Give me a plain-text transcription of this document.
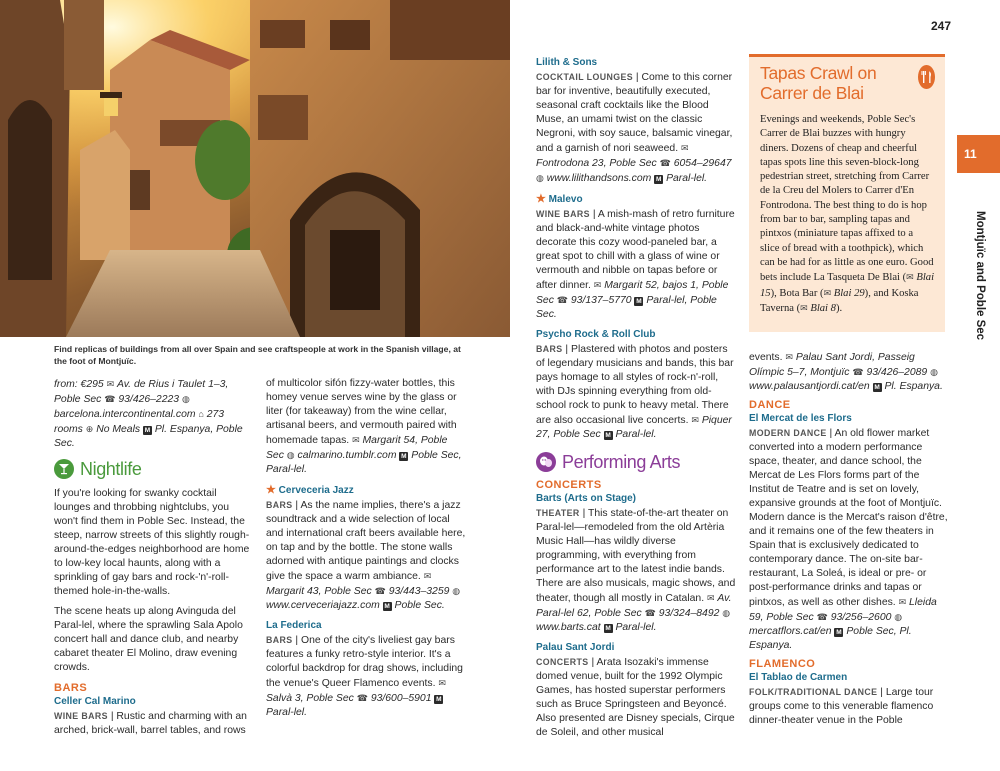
Find replicas of buildings from all over Spain and see craftspeople at work in the Spanish village, at the foot of Montjuïc.
247
11
Montjuïc and Poble Sec

from: €295 ✉ Av. de Rius i Taulet 1–3, Poble Sec ☎ 93/426–2223 ◍ barcelona.intercontinental.com ⌂ 273 rooms ⊕ No Meals M Pl. Espanya, Poble Sec.

Nightlife

If you're looking for swanky cocktail lounges and throbbing nightclubs, you won't find them in Poble Sec. Instead, the steep, narrow streets of this slightly rough-around-the-edges neighborhood are home to low-key local haunts, along with a sprinkling of gay bars and rock-'n'-roll-themed hole-in-the-walls.

The scene heats up along Avinguda del Paral-lel, where the sprawling Sala Apolo concert hall and dance club, and nearby cabaret theater El Molino, draw evening crowds.

BARS
Celler Cal Marino

WINE BARS | Rustic and charming with an arched, brick-wall, barrel tables, and rows

of multicolor sifón fizzy-water bottles, this homey venue serves wine by the glass or liter (for takeaway) from the wine cellar, artisanal beers, and vermouth paired with homemade tapas. ✉ Margarit 54, Poble Sec ◍ calmarino.tumblr.com M Poble Sec, Paral-lel.

★ Cerveceria Jazz

BARS | As the name implies, there's a jazz soundtrack and a wide selection of local and international craft beers available here, on tap and by the bottle. The stone walls adorned with antique paintings and clocks give the space a warm ambiance. ✉ Margarit 43, Poble Sec ☎ 93/443–3259 ◍ www.cerveceriajazz.com M Poble Sec.

La Federica

BARS | One of the city's liveliest gay bars features a funky retro-style interior. It's a colorful backdrop for drag shows, including the venue's Queer Flamenco events. ✉ Salvà 3, Poble Sec ☎ 93/600–5901 M Paral-lel.

Lilith & Sons

COCKTAIL LOUNGES | Come to this corner bar for inventive, beautifully executed, seasonal craft cocktails like the Blood Muse, an umami twist on the classic Negroni, with soy sauce, balsamic vinegar, and a garnish of nori seaweed. ✉ Fontrodona 23, Poble Sec ☎ 6054–29647 ◍ www.lilithandsons.com M Paral-lel.

★ Malevo

WINE BARS | A mish-mash of retro furniture and black-and-white vintage photos decorate this cozy wood-paneled bar, a great spot to chill with a glass of wine or vermouth and nibble on tapas before or after dinner. ✉ Margarit 52, bajos 1, Poble Sec ☎ 93/137–5770 M Paral-lel, Poble Sec.

Psycho Rock & Roll Club

BARS | Plastered with photos and posters of legendary musicians and bands, this bar pays homage to all styles of rock-n'-roll, with DJs spinning everything from old-school rock to punk to heavy metal. There are also occasional live concerts. ✉ Piquer 27, Poble Sec M Paral-lel.

Performing Arts
CONCERTS
Barts (Arts on Stage)

THEATER | This state-of-the-art theater on Paral-lel—remodeled from the old Artèria Music Hall—has wildly diverse programming, with everything from performance art to the latest indie bands. There are also musicals, magic shows, and theater, though all mostly in Catalan. ✉ Av. Paral-lel 62, Poble Sec ☎ 93/324–8492 ◍ www.barts.cat M Paral-lel.

Palau Sant Jordi

CONCERTS | Arata Isozaki's immense domed venue, built for the 1992 Olympic Games, has hosted superstar performers such as Bruce Springsteen and Beyoncé. Also presented are Disney specials, Cirque de Soleil, and other musical

Tapas Crawl on Carrer de Blai

Evenings and weekends, Poble Sec's Carrer de Blai buzzes with hungry diners. Dozens of cheap and cheerful tapas spots line this seven-block-long pedestrian street, stretching from Carrer de la Creu del Molers to Carrer d'En Fontrodona. The best thing to do is hop from bar to bar, sampling tapas and pintxos (miniature tapas affixed to a slice of bread with a toothpick), which can be had for as little as one euro. Good bets include La Tasqueta De Blai (✉ Blai 15), Bota Bar (✉ Blai 29), and Koska Taverna (✉ Blai 8).

events. ✉ Palau Sant Jordi, Passeig Olímpic 5–7, Montjuïc ☎ 93/426–2089 ◍ www.palausantjordi.cat/en M Pl. Espanya.

DANCE
El Mercat de les Flors

MODERN DANCE | An old flower market converted into a modern performance space, theater, and dance school, the Mercat de Les Flors forms part of the Institut de Teatre and is set on lovely, expansive grounds at the foot of Montjuïc. Modern dance is the Mercat's raison d'être, and it remains one of the few theaters in Spain that is exclusively dedicated to contemporary dance. The on-site bar-restaurant, La Soleá, is ideal or pre- or post-performance drinks and tapas or pintxos, as well as other dishes. ✉ Lleida 59, Poble Sec ☎ 93/256–2600 ◍ mercatflors.cat/en M Poble Sec, Pl. Espanya.

FLAMENCO
El Tablao de Carmen

FOLK/TRADITIONAL DANCE | Large tour groups come to this venerable flamenco dinner-theater venue in the Poble
